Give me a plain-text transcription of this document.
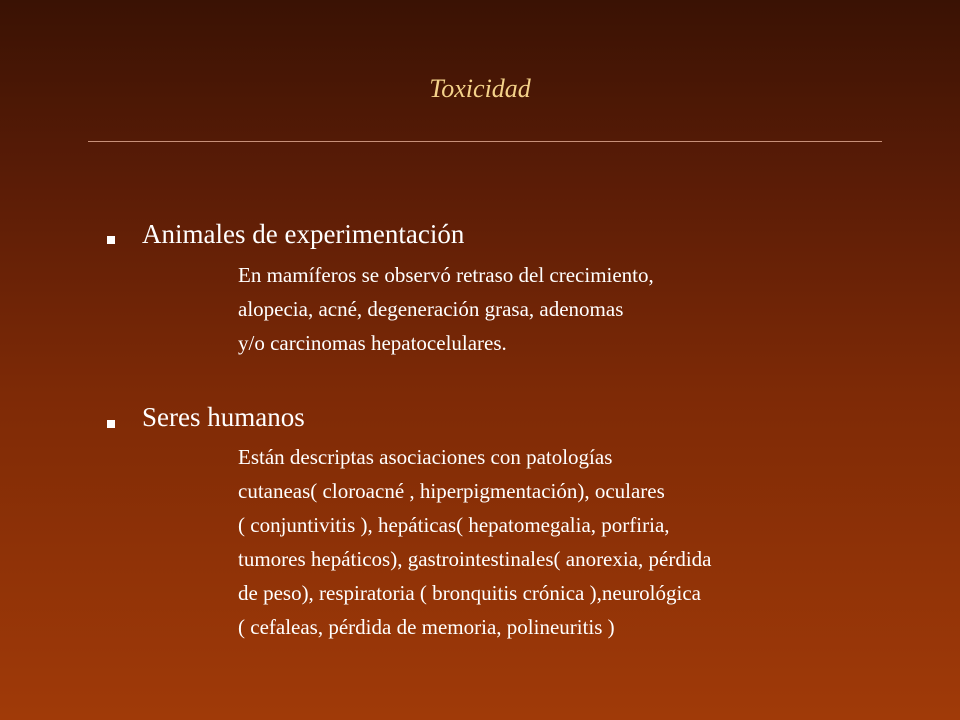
Toxicidad
Animales de experimentación
En mamíferos se observó retraso del crecimiento,
alopecia, acné, degeneración grasa, adenomas
y/o carcinomas hepatocelulares.
Seres humanos
Están descriptas asociaciones con patologías
cutaneas( cloroacné , hiperpigmentación), oculares
( conjuntivitis ), hepáticas( hepatomegalia, porfiria,
tumores hepáticos), gastrointestinales( anorexia, pérdida
de peso), respiratoria ( bronquitis crónica ),neurológica
( cefaleas, pérdida de memoria, polineuritis )
